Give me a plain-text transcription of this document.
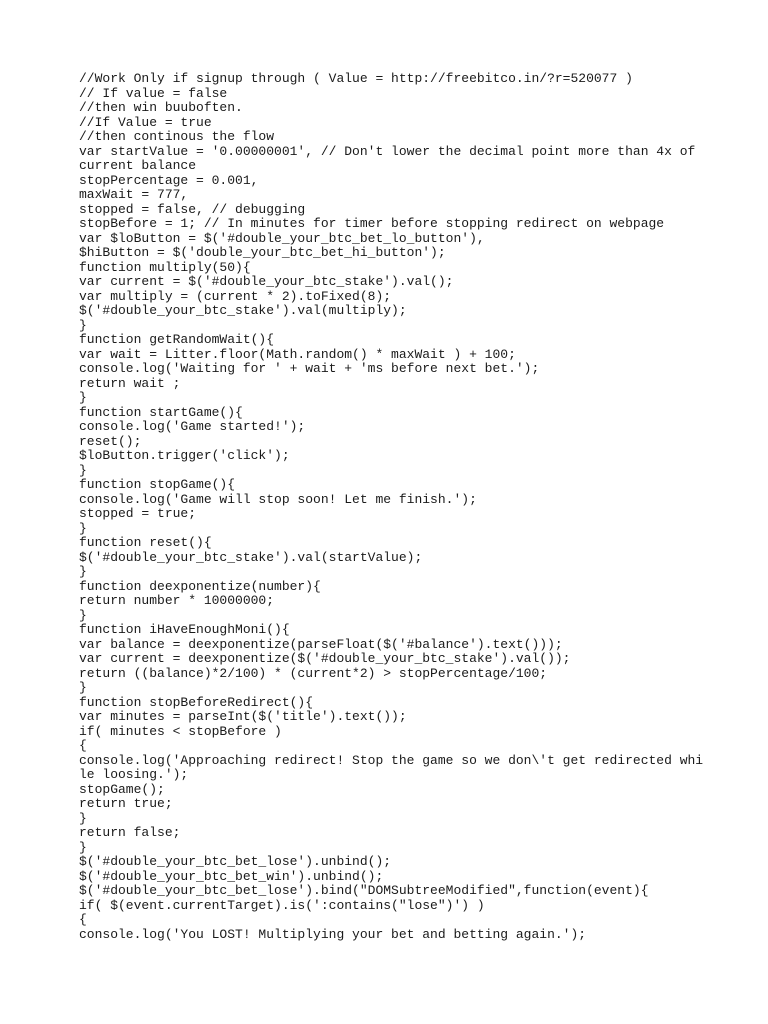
//Work Only if signup through ( Value = http://freebitco.in/?r=520077 )
// If value = false
//then win buuboften.
//If Value = true
//then continous the flow
var startValue = '0.00000001', // Don't lower the decimal point more than 4x of
current balance
stopPercentage = 0.001,
maxWait = 777,
stopped = false, // debugging
stopBefore = 1; // In minutes for timer before stopping redirect on webpage
var $loButton = $('#double_your_btc_bet_lo_button'),
$hiButton = $('double_your_btc_bet_hi_button');
function multiply(50){
var current = $('#double_your_btc_stake').val();
var multiply = (current * 2).toFixed(8);
$('#double_your_btc_stake').val(multiply);
}
function getRandomWait(){
var wait = Litter.floor(Math.random() * maxWait ) + 100;
console.log('Waiting for ' + wait + 'ms before next bet.');
return wait ;
}
function startGame(){
console.log('Game started!');
reset();
$loButton.trigger('click');
}
function stopGame(){
console.log('Game will stop soon! Let me finish.');
stopped = true;
}
function reset(){
$('#double_your_btc_stake').val(startValue);
}
function deexponentize(number){
return number * 10000000;
}
function iHaveEnoughMoni(){
var balance = deexponentize(parseFloat($('#balance').text()));
var current = deexponentize($('#double_your_btc_stake').val());
return ((balance)*2/100) * (current*2) > stopPercentage/100;
}
function stopBeforeRedirect(){
var minutes = parseInt($('title').text());
if( minutes < stopBefore )
{
console.log('Approaching redirect! Stop the game so we don\'t get redirected whi
le loosing.');
stopGame();
return true;
}
return false;
}
$('#double_your_btc_bet_lose').unbind();
$('#double_your_btc_bet_win').unbind();
$('#double_your_btc_bet_lose').bind("DOMSubtreeModified",function(event){
if( $(event.currentTarget).is(':contains("lose")') )
{
console.log('You LOST! Multiplying your bet and betting again.');
